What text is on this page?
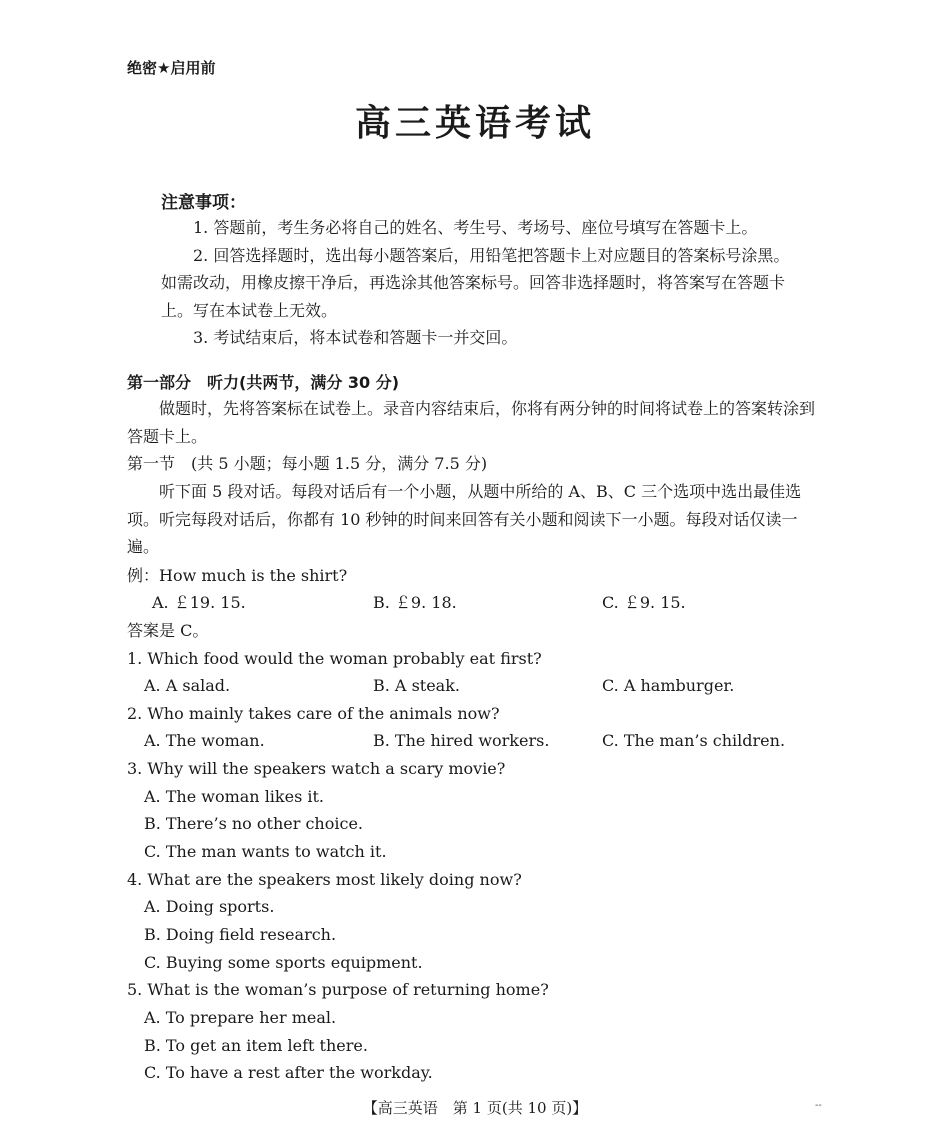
绝密★启用前
高三英语考试
注意事项：

1. 答题前，考生务必将自己的姓名、考生号、考场号、座位号填写在答题卡上。

2. 回答选择题时，选出每小题答案后，用铅笔把答题卡上对应题目的答案标号涂黑。如需改动，用橡皮擦干净后，再选涂其他答案标号。回答非选择题时，将答案写在答题卡上。写在本试卷上无效。

3. 考试结束后，将本试卷和答题卡一并交回。

第一部分　听力(共两节，满分 30 分)
做题时，先将答案标在试卷上。录音内容结束后，你将有两分钟的时间将试卷上的答案转涂到答题卡上。
第一节　(共 5 小题；每小题 1.5 分，满分 7.5 分)
听下面 5 段对话。每段对话后有一个小题，从题中所给的 A、B、C 三个选项中选出最佳选项。听完每段对话后，你都有 10 秒钟的时间来回答有关小题和阅读下一小题。每段对话仅读一遍。
例：How much is the shirt?
A. ￡19. 15.	B. ￡9. 18.	C. ￡9. 15.
答案是 C。
1. Which food would the woman probably eat first?
A. A salad.	B. A steak.	C. A hamburger.
2. Who mainly takes care of the animals now?
A. The woman.	B. The hired workers.	C. The man’s children.
3. Why will the speakers watch a scary movie?
A. The woman likes it.
B. There’s no other choice.
C. The man wants to watch it.
4. What are the speakers most likely doing now?
A. Doing sports.
B. Doing field research.
C. Buying some sports equipment.
5. What is the woman’s purpose of returning home?
A. To prepare her meal.
B. To get an item left there.
C. To have a rest after the workday.
【高三英语　第 1 页(共 10 页)】	--
